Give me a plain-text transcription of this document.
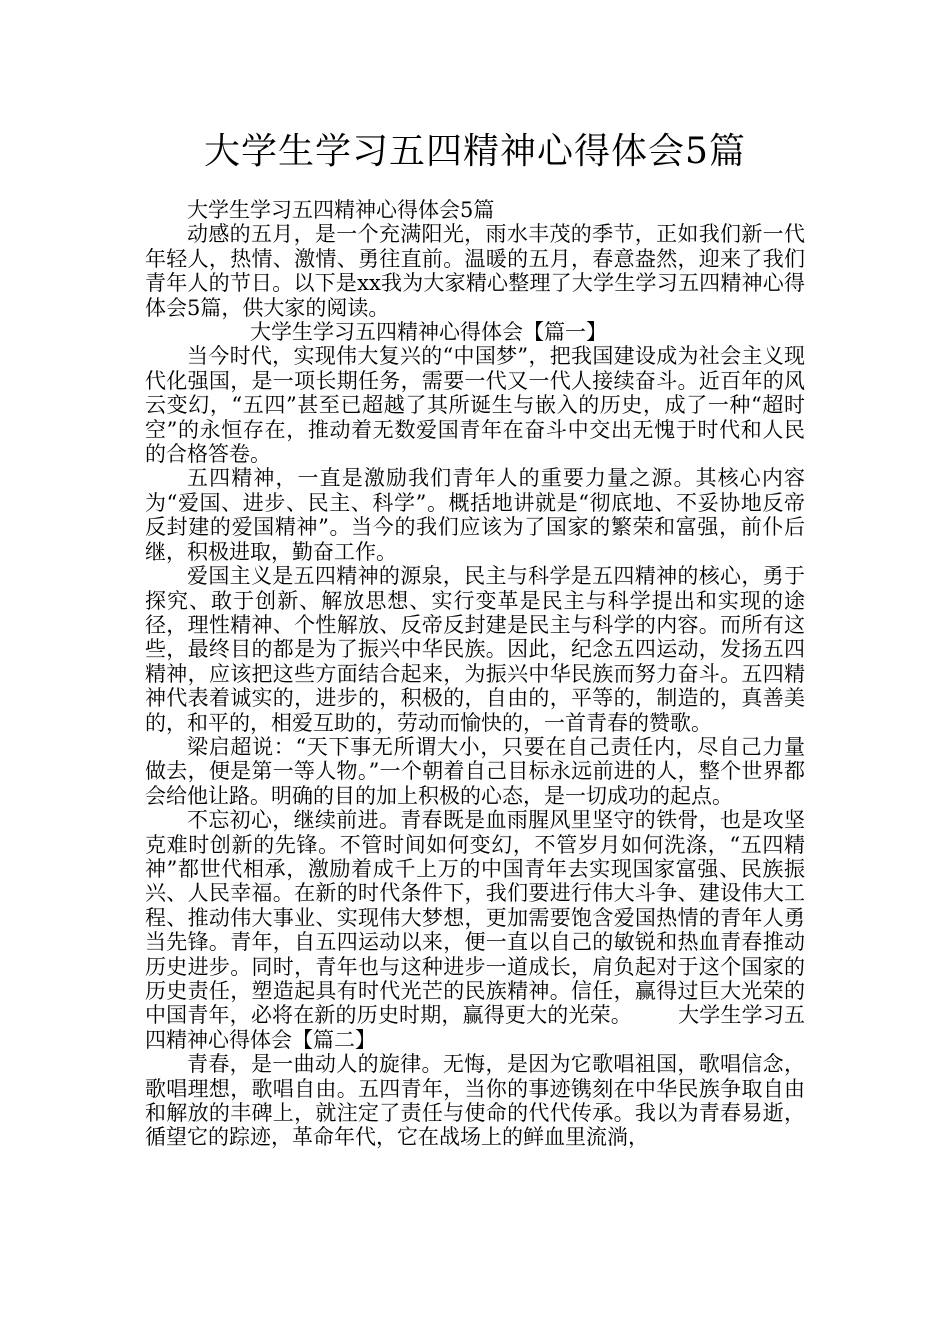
大学生学习五四精神心得体会5篇

大学生学习五四精神心得体会5篇

动感的五月，是一个充满阳光，雨水丰茂的季节，正如我们新一代年轻人，热情、激情、勇往直前。温暖的五月，春意盎然，迎来了我们青年人的节日。以下是xx我为大家精心整理了大学生学习五四精神心得体会5篇，供大家的阅读。

大学生学习五四精神心得体会【篇一】

当今时代，实现伟大复兴的“中国梦”，把我国建设成为社会主义现代化强国，是一项长期任务，需要一代又一代人接续奋斗。近百年的风云变幻，“五四”甚至已超越了其所诞生与嵌入的历史，成了一种“超时空”的永恒存在，推动着无数爱国青年在奋斗中交出无愧于时代和人民的合格答卷。

五四精神，一直是激励我们青年人的重要力量之源。其核心内容为“爱国、进步、民主、科学”。概括地讲就是“彻底地、不妥协地反帝反封建的爱国精神”。当今的我们应该为了国家的繁荣和富强，前仆后继，积极进取，勤奋工作。

爱国主义是五四精神的源泉，民主与科学是五四精神的核心，勇于探究、敢于创新、解放思想、实行变革是民主与科学提出和实现的途径，理性精神、个性解放、反帝反封建是民主与科学的内容。而所有这些，最终目的都是为了振兴中华民族。因此，纪念五四运动，发扬五四精神，应该把这些方面结合起来，为振兴中华民族而努力奋斗。五四精神代表着诚实的，进步的，积极的，自由的，平等的，制造的，真善美的，和平的，相爱互助的，劳动而愉快的，一首青春的赞歌。

梁启超说：“天下事无所谓大小，只要在自己责任内，尽自己力量做去，便是第一等人物。”一个朝着自己目标永远前进的人，整个世界都会给他让路。明确的目的加上积极的心态，是一切成功的起点。

不忘初心，继续前进。青春既是血雨腥风里坚守的铁骨，也是攻坚克难时创新的先锋。不管时间如何变幻，不管岁月如何洗涤，“五四精神”都世代相承，激励着成千上万的中国青年去实现国家富强、民族振兴、人民幸福。在新的时代条件下，我们要进行伟大斗争、建设伟大工程、推动伟大事业、实现伟大梦想，更加需要饱含爱国热情的青年人勇当先锋。青年，自五四运动以来，便一直以自己的敏锐和热血青春推动历史进步。同时，青年也与这种进步一道成长，肩负起对于这个国家的历史责任，塑造起具有时代光芒的民族精神。信任，赢得过巨大光荣的中国青年，必将在新的历史时期，赢得更大的光荣。 大学生学习五四精神心得体会【篇二】

青春，是一曲动人的旋律。无悔，是因为它歌唱祖国，歌唱信念，歌唱理想，歌唱自由。五四青年，当你的事迹镌刻在中华民族争取自由和解放的丰碑上，就注定了责任与使命的代代传承。我以为青春易逝，循望它的踪迹，革命年代，它在战场上的鲜血里流淌，
